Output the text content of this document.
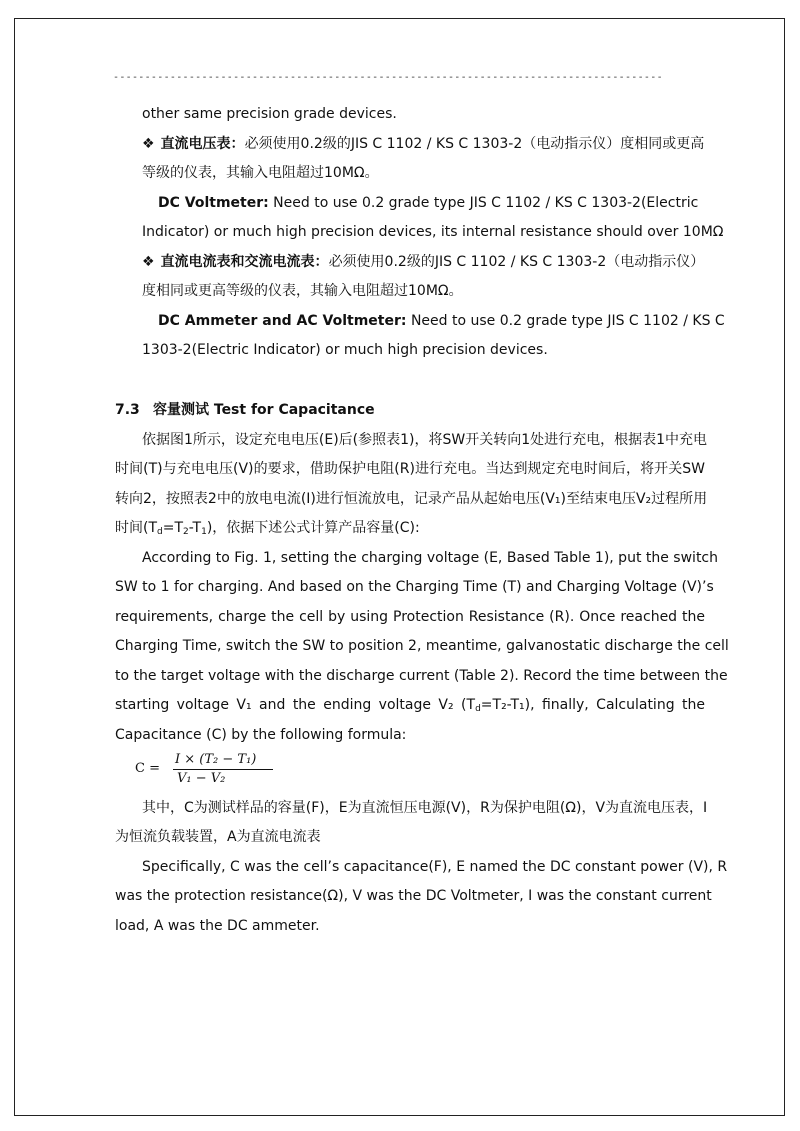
---------------------------------------------------------------------------------------
other same precision grade devices.
❖ 直流电压表：必须使用0.2级的JIS C 1102 / KS C 1303-2（电动指示仪）度相同或更高
等级的仪表，其输入电阻超过10MΩ。
DC Voltmeter: Need to use 0.2 grade type JIS C 1102 / KS C 1303-2(Electric
Indicator) or much high precision devices, its internal resistance should over 10MΩ
❖ 直流电流表和交流电流表：必须使用0.2级的JIS C 1102 / KS C 1303-2（电动指示仪）
度相同或更高等级的仪表，其输入电阻超过10MΩ。
DC Ammeter and AC Voltmeter: Need to use 0.2 grade type JIS C 1102 / KS C
1303-2(Electric Indicator) or much high precision devices.
7.3 容量测试 Test for Capacitance
依据图1所示，设定充电电压(E)后(参照表1)，将SW开关转向1处进行充电，根据表1中充电
时间(T)与充电电压(V)的要求，借助保护电阻(R)进行充电。当达到规定充电时间后，将开关SW
转向2，按照表2中的放电电流(I)进行恒流放电，记录产品从起始电压(V₁)至结束电压V₂过程所用
时间$(T_d=T_2-T_1)$，依据下述公式计算产品容量(C):
According to Fig. 1, setting the charging voltage (E, Based Table 1), put the switch
SW to 1 for charging. And based on the Charging Time (T) and Charging Voltage (V)’s
requirements, charge the cell by using Protection Resistance (R). Once reached the
Charging Time, switch the SW to position 2, meantime, galvanostatic discharge the cell
to the target voltage with the discharge current (Table 2). Record the time between the
starting voltage V₁ and the ending voltage V₂ $(T_d=T_2-T_1)$, finally, Calculating the
Capacitance (C) by the following formula:
C =
I × (T₂ − T₁)
V₁ − V₂
其中，C为测试样品的容量(F)，E为直流恒压电源(V)，R为保护电阻(Ω)，V为直流电压表，I
为恒流负载装置，A为直流电流表
Specifically, C was the cell’s capacitance(F), E named the DC constant power (V), R
was the protection resistance(Ω), V was the DC Voltmeter, I was the constant current
load, A was the DC ammeter.
